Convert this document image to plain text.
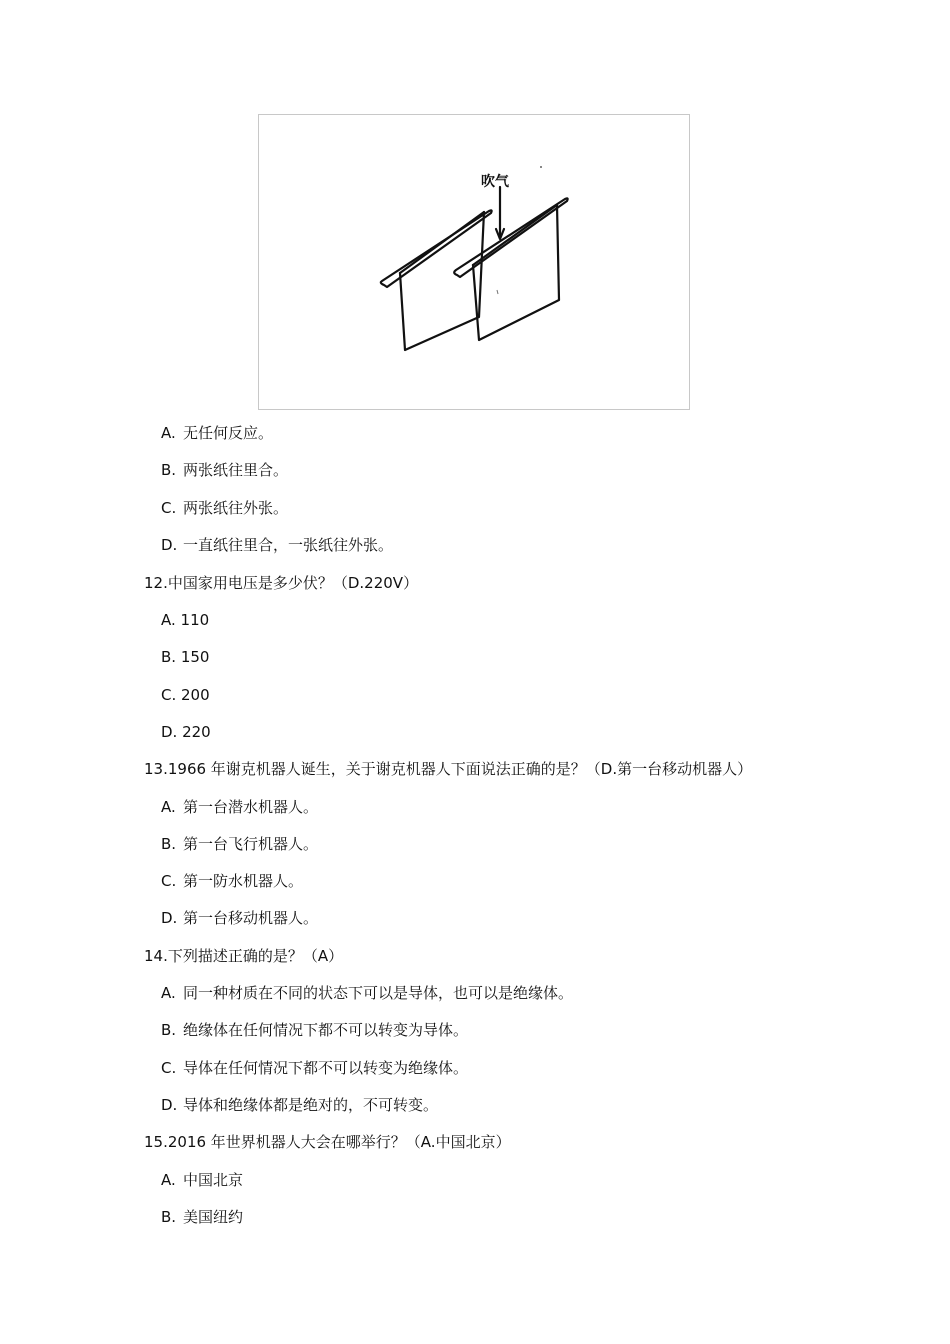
吹气
A. 无任何反应。
B. 两张纸往里合。
C. 两张纸往外张。
D. 一直纸往里合，一张纸往外张。
12.中国家用电压是多少伏？（D.220V）
A. 110
B. 150
C. 200
D. 220
13.1966 年谢克机器人诞生，关于谢克机器人下面说法正确的是？（D.第一台移动机器人）
A. 第一台潜水机器人。
B. 第一台飞行机器人。
C. 第一防水机器人。
D. 第一台移动机器人。
14.下列描述正确的是？（A）
A. 同一种材质在不同的状态下可以是导体，也可以是绝缘体。
B. 绝缘体在任何情况下都不可以转变为导体。
C. 导体在任何情况下都不可以转变为绝缘体。
D. 导体和绝缘体都是绝对的，不可转变。
15.2016 年世界机器人大会在哪举行？（A.中国北京）
A. 中国北京
B. 美国纽约
